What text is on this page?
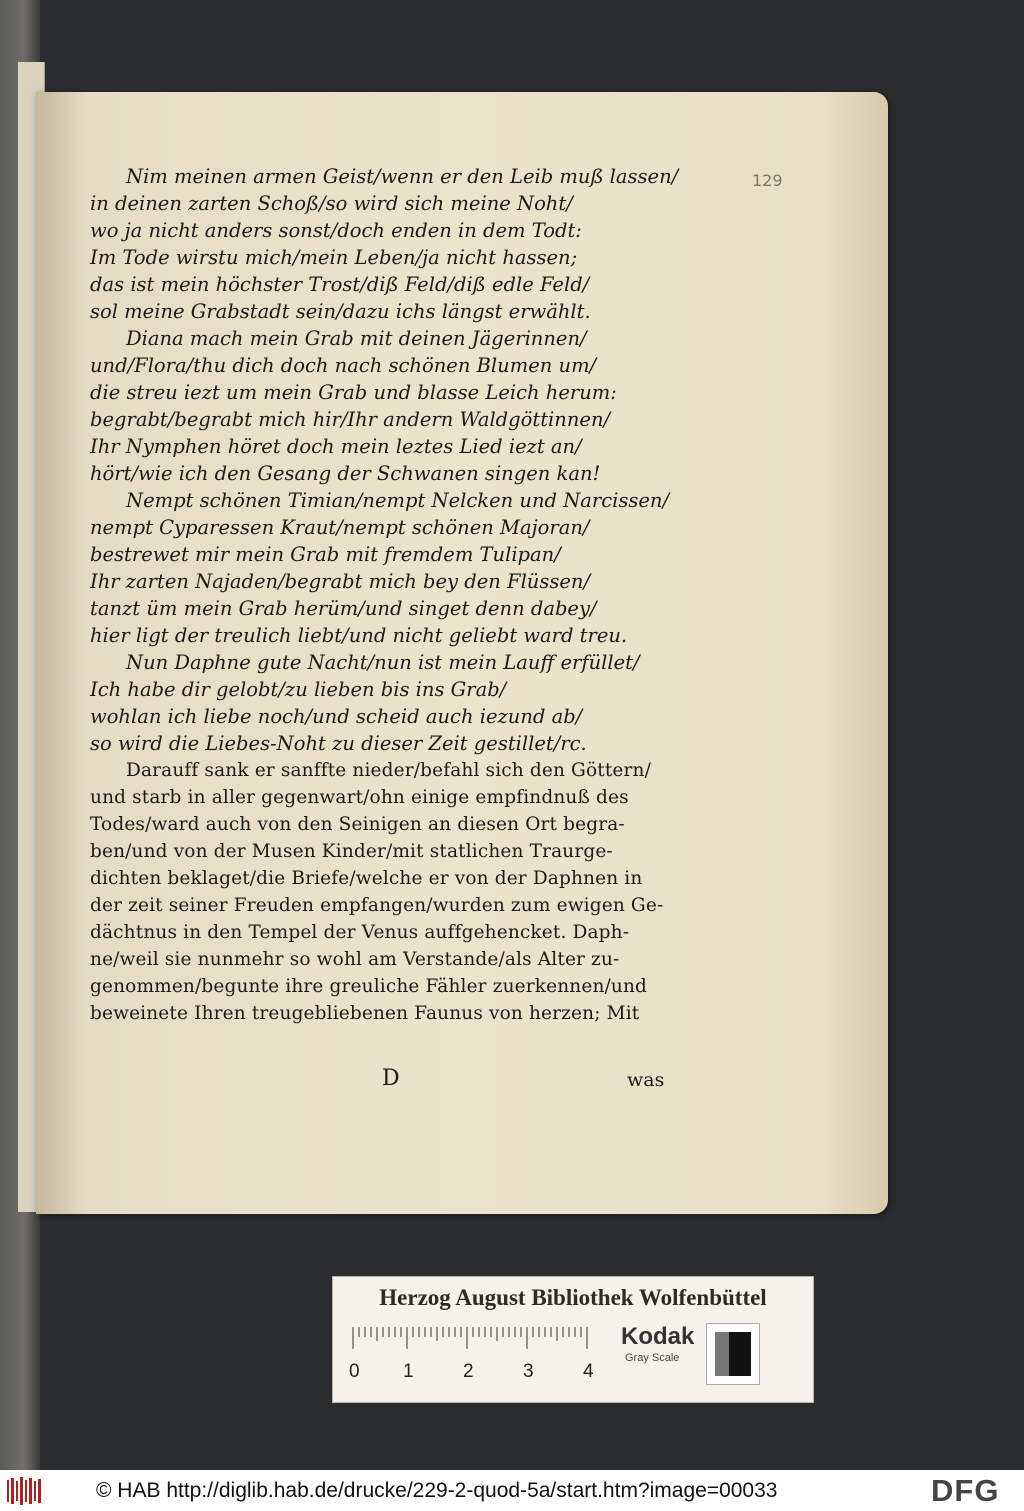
129
Nim meinen armen Geist/wenn er den Leib muß lassen/
in deinen zarten Schoß/so wird sich meine Noht/
wo ja nicht anders sonst/doch enden in dem Todt:
Im Tode wirstu mich/mein Leben/ja nicht hassen;
das ist mein höchster Trost/diß Feld/diß edle Feld/
sol meine Grabstadt sein/dazu ichs längst erwählt.
Diana mach mein Grab mit deinen Jägerinnen/
und/Flora/thu dich doch nach schönen Blumen um/
die streu iezt um mein Grab und blasse Leich herum:
begrabt/begrabt mich hir/Ihr andern Waldgöttinnen/
Ihr Nymphen höret doch mein leztes Lied iezt an/
hört/wie ich den Gesang der Schwanen singen kan!
Nempt schönen Timian/nempt Nelcken und Narcissen/
nempt Cyparessen Kraut/nempt schönen Majoran/
bestrewet mir mein Grab mit fremdem Tulipan/
Ihr zarten Najaden/begrabt mich bey den Flüssen/
tanzt üm mein Grab herüm/und singet denn dabey/
hier ligt der treulich liebt/und nicht geliebt ward treu.
Nun Daphne gute Nacht/nun ist mein Lauff erfüllet/
Ich habe dir gelobt/zu lieben bis ins Grab/
wohlan ich liebe noch/und scheid auch iezund ab/
so wird die Liebes-Noht zu dieser Zeit gestillet/rc.
Darauff sank er sanffte nieder/befahl sich den Göttern/
und starb in aller gegenwart/ohn einige empfindnuß des
Todes/ward auch von den Seinigen an diesen Ort begra-
ben/und von der Musen Kinder/mit statlichen Traurge-
dichten beklaget/die Briefe/welche er von der Daphnen in
der zeit seiner Freuden empfangen/wurden zum ewigen Ge-
dächtnus in den Tempel der Venus auffgehencket. Daph-
ne/weil sie nunmehr so wohl am Verstande/als Alter zu-
genommen/begunte ihre greuliche Fähler zuerkennen/und
beweinete Ihren treugebliebenen Faunus von herzen; Mit
D	was
Herzog August Bibliothek Wolfenbüttel
0 1	2	3	4
Kodak
Gray Scale
© HAB http://diglib.hab.de/drucke/229-2-quod-5a/start.htm?image=00033	DFG
